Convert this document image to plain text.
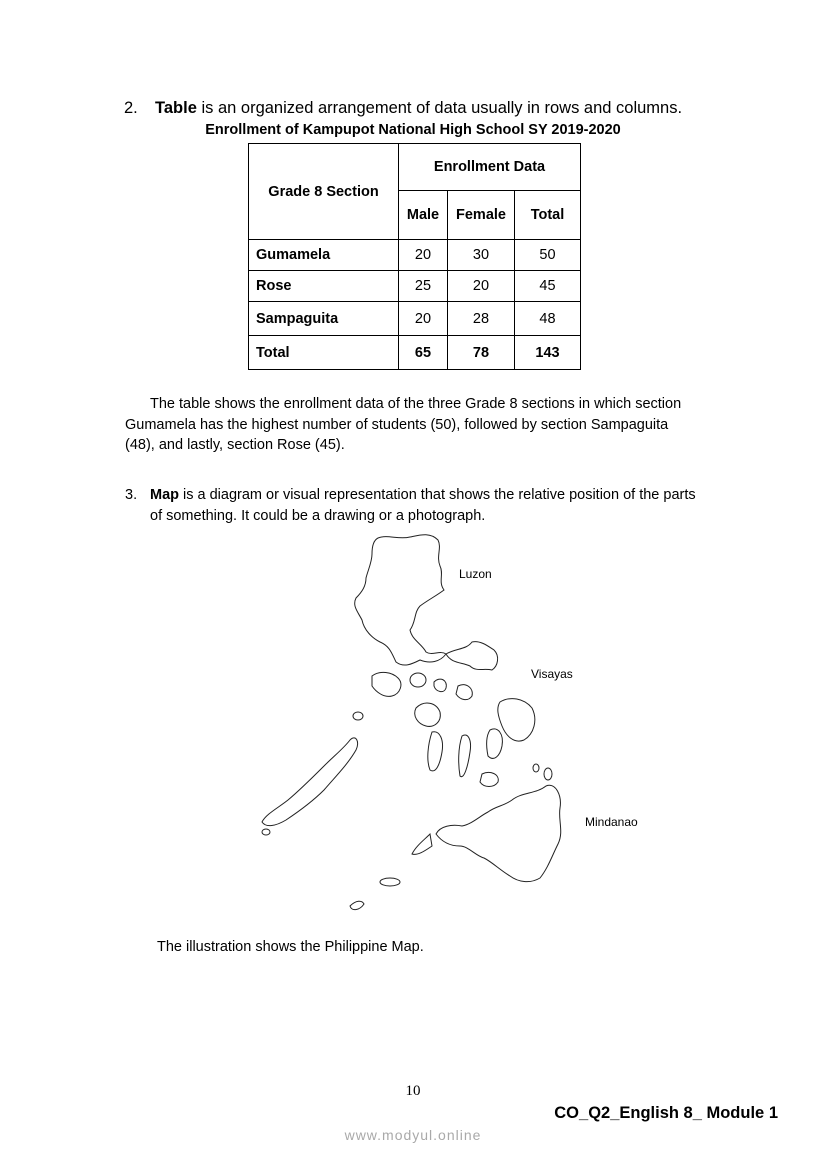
2. Table is an organized arrangement of data usually in rows and columns.
Enrollment of Kampupot National High School SY 2019-2020
Grade 8 Section	Enrollment Data		
	Male	Female	Total
Gumamela	20	30	50
Rose	25	20	45
Sampaguita	20	28	48
Total	65	78	143
The table shows the enrollment data of the three Grade 8 sections in which section
Gumamela has the highest number of students (50), followed by section Sampaguita
(48), and lastly, section Rose (45).
3. Map is a diagram or visual representation that shows the relative position of the parts
of something. It could be a drawing or a photograph.
Luzon
Visayas
Mindanao
The illustration shows the Philippine Map.
10
CO_Q2_English 8_ Module 1
www.modyul.online
